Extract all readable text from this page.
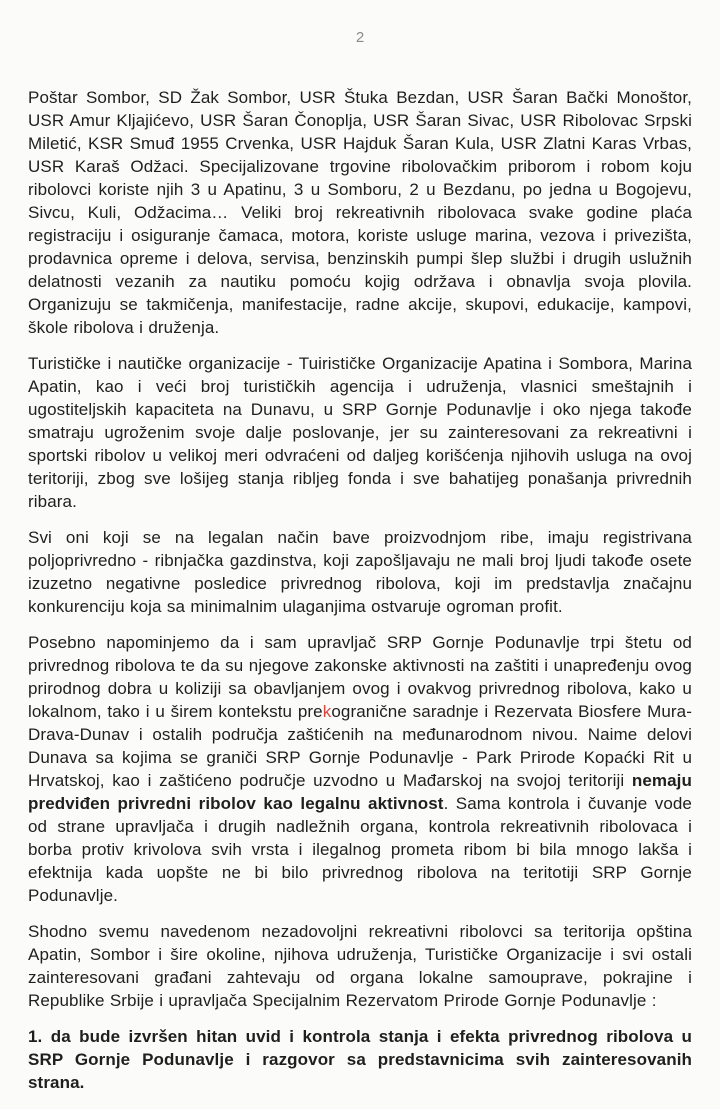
2

Poštar Sombor, SD Žak Sombor, USR Štuka Bezdan, USR Šaran Bački Monoštor, USR Amur Kljajićevo, USR Šaran Čonoplja, USR Šaran Sivac, USR Ribolovac Srpski Miletić, KSR Smuđ 1955 Crvenka, USR Hajduk Šaran Kula, USR Zlatni Karas Vrbas, USR Karaš Odžaci. Specijalizovane trgovine ribolovačkim priborom i robom koju ribolovci koriste njih 3 u Apatinu, 3 u Somboru, 2 u Bezdanu, po jedna u Bogojevu, Sivcu, Kuli, Odžacima… Veliki broj rekreativnih ribolovaca svake godine plaća registraciju i osiguranje čamaca, motora, koriste usluge marina, vezova i privezišta, prodavnica opreme i delova, servisa, benzinskih pumpi šlep službi i drugih uslužnih delatnosti vezanih za nautiku pomoću kojig održava i obnavlja svoja plovila. Organizuju se takmičenja, manifestacije, radne akcije, skupovi, edukacije, kampovi, škole ribolova i druženja.

Turističke i nautičke organizacije - Tuirističke Organizacije Apatina i Sombora, Marina Apatin, kao i veći broj turističkih agencija i udruženja, vlasnici smeštajnih i ugostiteljskih kapaciteta na Dunavu, u SRP Gornje Podunavlje i oko njega takođe smatraju ugroženim svoje dalje poslovanje, jer su zainteresovani za rekreativni i sportski ribolov u velikoj meri odvraćeni od daljeg korišćenja njihovih usluga na ovoj teritoriji, zbog sve lošijeg stanja ribljeg fonda i sve bahatijeg ponašanja privrednih ribara.

Svi oni koji se na legalan način bave proizvodnjom ribe, imaju registrivana poljoprivredno - ribnjačka gazdinstva, koji zapošljavaju ne mali broj ljudi takođe osete izuzetno negativne posledice privrednog ribolova, koji im predstavlja značajnu konkurenciju koja sa minimalnim ulaganjima ostvaruje ogroman profit.

Posebno napominjemo da i sam upravljač SRP Gornje Podunavlje trpi štetu od privrednog ribolova te da su njegove zakonske aktivnosti na zaštiti i unapređenju ovog prirodnog dobra u koliziji sa obavljanjem ovog i ovakvog privrednog ribolova, kako u lokalnom, tako i u širem kontekstu prekogranične saradnje i Rezervata Biosfere Mura-Drava-Dunav i ostalih područja zaštićenih na međunarodnom nivou. Naime delovi Dunava sa kojima se graniči SRP Gornje Podunavlje - Park Prirode Kopaćki Rit u Hrvatskoj, kao i zaštićeno područje uzvodno u Mađarskoj na svojoj teritoriji nemaju predviđen privredni ribolov kao legalnu aktivnost. Sama kontrola i čuvanje vode od strane upravljača i drugih nadležnih organa, kontrola rekreativnih ribolovaca i borba protiv krivolova svih vrsta i ilegalnog prometa ribom bi bila mnogo lakša i efektnija kada uopšte ne bi bilo privrednog ribolova na teritotiji SRP Gornje Podunavlje.

Shodno svemu navedenom nezadovoljni rekreativni ribolovci sa teritorija opština Apatin, Sombor i šire okoline, njihova udruženja, Turističke Organizacije i svi ostali zainteresovani građani zahtevaju od organa lokalne samouprave, pokrajine i Republike Srbije i upravljača Specijalnim Rezervatom Prirode Gornje Podunavlje :

1. da bude izvršen hitan uvid i kontrola stanja i efekta privrednog ribolova u SRP Gornje Podunavlje i razgovor sa predstavnicima svih zainteresovanih strana.
